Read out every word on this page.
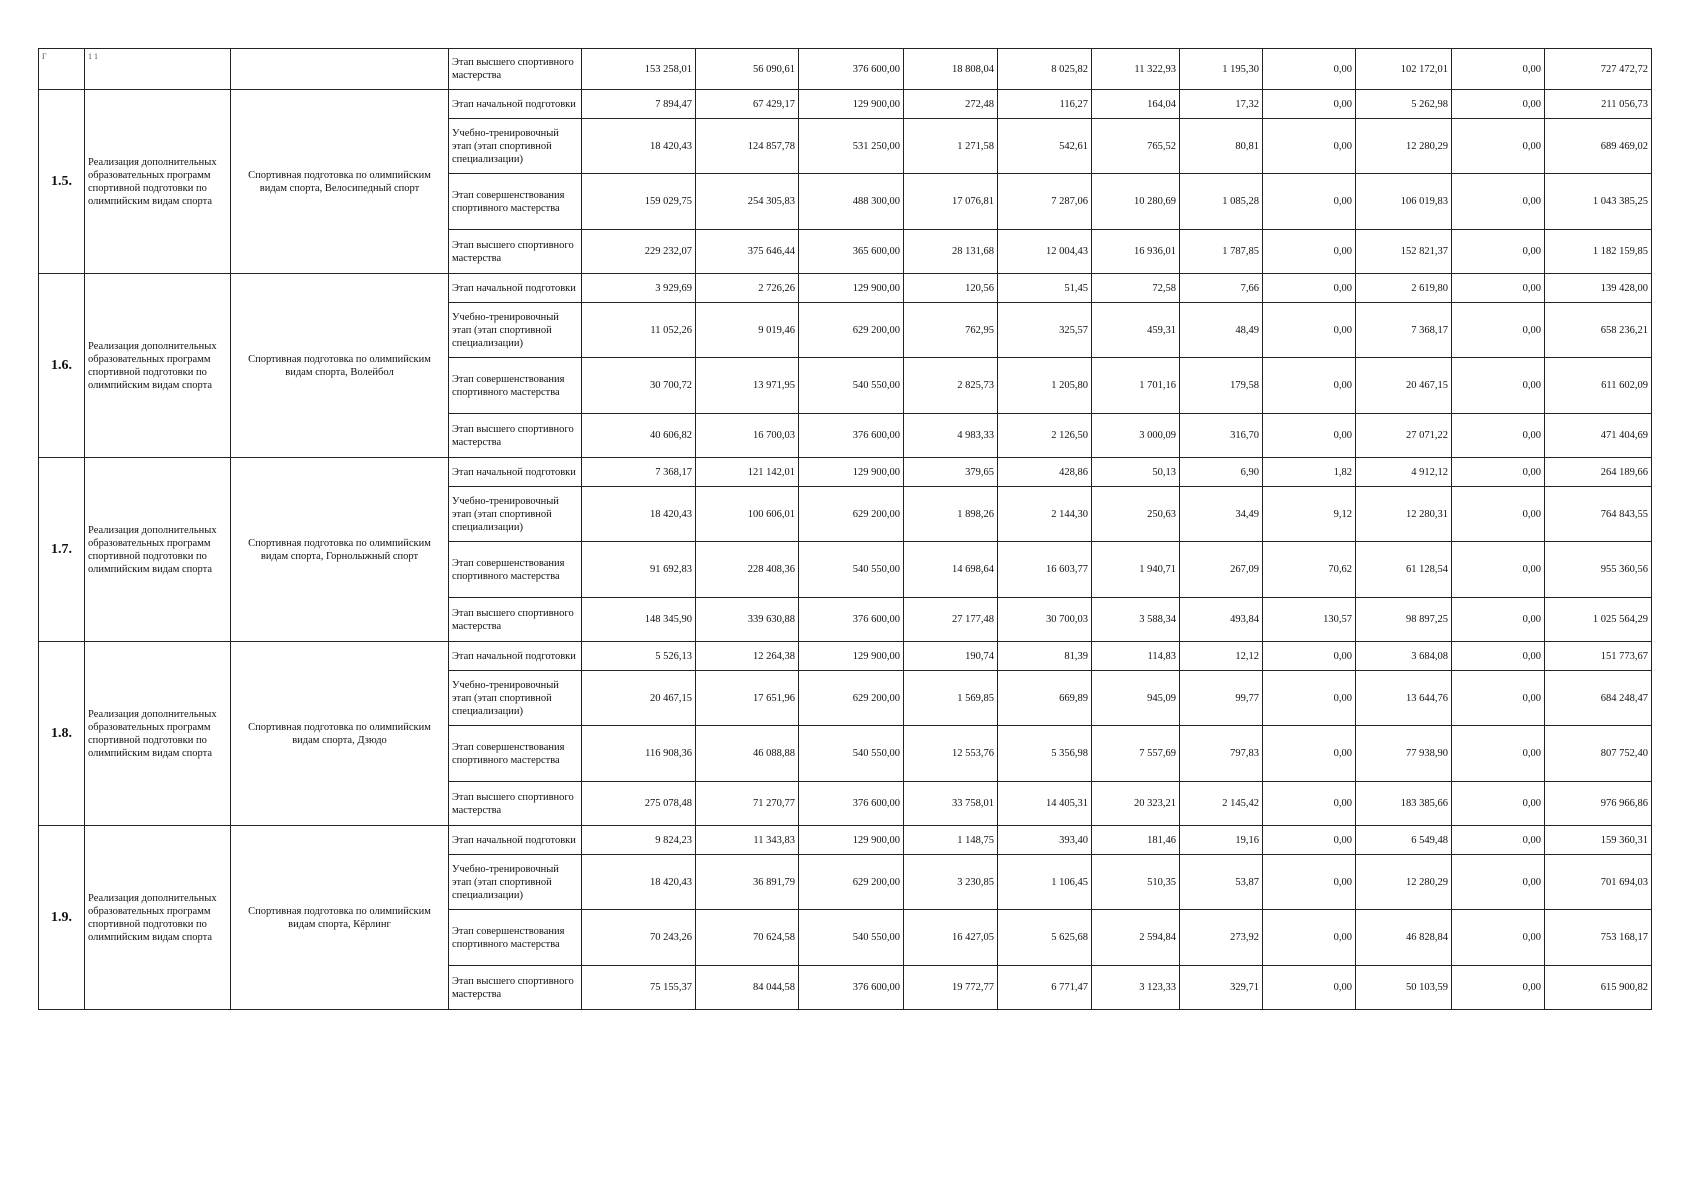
Г	1 1		Этап высшего спортивного мастерства	153 258,01	56 090,61	376 600,00	18 808,04	8 025,82	11 322,93	1 195,30	0,00	102 172,01	0,00	727 472,72
1.5.	Реализация дополнительных образовательных программ спортивной подготовки по олимпийским видам спорта	Спортивная подготовка по олимпийским видам спорта, Велосипедный спорт	Этап начальной подготовки	7 894,47	67 429,17	129 900,00	272,48	116,27	164,04	17,32	0,00	5 262,98	0,00	211 056,73
			Учебно-тренировочный этап (этап спортивной специализации)	18 420,43	124 857,78	531 250,00	1 271,58	542,61	765,52	80,81	0,00	12 280,29	0,00	689 469,02
			Этап совершенствования спортивного мастерства	159 029,75	254 305,83	488 300,00	17 076,81	7 287,06	10 280,69	1 085,28	0,00	106 019,83	0,00	1 043 385,25
			Этап высшего спортивного мастерства	229 232,07	375 646,44	365 600,00	28 131,68	12 004,43	16 936,01	1 787,85	0,00	152 821,37	0,00	1 182 159,85
1.6.	Реализация дополнительных образовательных программ спортивной подготовки по олимпийским видам спорта	Спортивная подготовка по олимпийским видам спорта, Волейбол	Этап начальной подготовки	3 929,69	2 726,26	129 900,00	120,56	51,45	72,58	7,66	0,00	2 619,80	0,00	139 428,00
			Учебно-тренировочный этап (этап спортивной специализации)	11 052,26	9 019,46	629 200,00	762,95	325,57	459,31	48,49	0,00	7 368,17	0,00	658 236,21
			Этап совершенствования спортивного мастерства	30 700,72	13 971,95	540 550,00	2 825,73	1 205,80	1 701,16	179,58	0,00	20 467,15	0,00	611 602,09
			Этап высшего спортивного мастерства	40 606,82	16 700,03	376 600,00	4 983,33	2 126,50	3 000,09	316,70	0,00	27 071,22	0,00	471 404,69
1.7.	Реализация дополнительных образовательных программ спортивной подготовки по олимпийским видам спорта	Спортивная подготовка по олимпийским видам спорта, Горнолыжный спорт	Этап начальной подготовки	7 368,17	121 142,01	129 900,00	379,65	428,86	50,13	6,90	1,82	4 912,12	0,00	264 189,66
			Учебно-тренировочный этап (этап спортивной специализации)	18 420,43	100 606,01	629 200,00	1 898,26	2 144,30	250,63	34,49	9,12	12 280,31	0,00	764 843,55
			Этап совершенствования спортивного мастерства	91 692,83	228 408,36	540 550,00	14 698,64	16 603,77	1 940,71	267,09	70,62	61 128,54	0,00	955 360,56
			Этап высшего спортивного мастерства	148 345,90	339 630,88	376 600,00	27 177,48	30 700,03	3 588,34	493,84	130,57	98 897,25	0,00	1 025 564,29
1.8.	Реализация дополнительных образовательных программ спортивной подготовки по олимпийским видам спорта	Спортивная подготовка по олимпийским видам спорта, Дзюдо	Этап начальной подготовки	5 526,13	12 264,38	129 900,00	190,74	81,39	114,83	12,12	0,00	3 684,08	0,00	151 773,67
			Учебно-тренировочный этап (этап спортивной специализации)	20 467,15	17 651,96	629 200,00	1 569,85	669,89	945,09	99,77	0,00	13 644,76	0,00	684 248,47
			Этап совершенствования спортивного мастерства	116 908,36	46 088,88	540 550,00	12 553,76	5 356,98	7 557,69	797,83	0,00	77 938,90	0,00	807 752,40
			Этап высшего спортивного мастерства	275 078,48	71 270,77	376 600,00	33 758,01	14 405,31	20 323,21	2 145,42	0,00	183 385,66	0,00	976 966,86
1.9.	Реализация дополнительных образовательных программ спортивной подготовки по олимпийским видам спорта	Спортивная подготовка по олимпийским видам спорта, Кёрлинг	Этап начальной подготовки	9 824,23	11 343,83	129 900,00	1 148,75	393,40	181,46	19,16	0,00	6 549,48	0,00	159 360,31
			Учебно-тренировочный этап (этап спортивной специализации)	18 420,43	36 891,79	629 200,00	3 230,85	1 106,45	510,35	53,87	0,00	12 280,29	0,00	701 694,03
			Этап совершенствования спортивного мастерства	70 243,26	70 624,58	540 550,00	16 427,05	5 625,68	2 594,84	273,92	0,00	46 828,84	0,00	753 168,17
			Этап высшего спортивного мастерства	75 155,37	84 044,58	376 600,00	19 772,77	6 771,47	3 123,33	329,71	0,00	50 103,59	0,00	615 900,82
